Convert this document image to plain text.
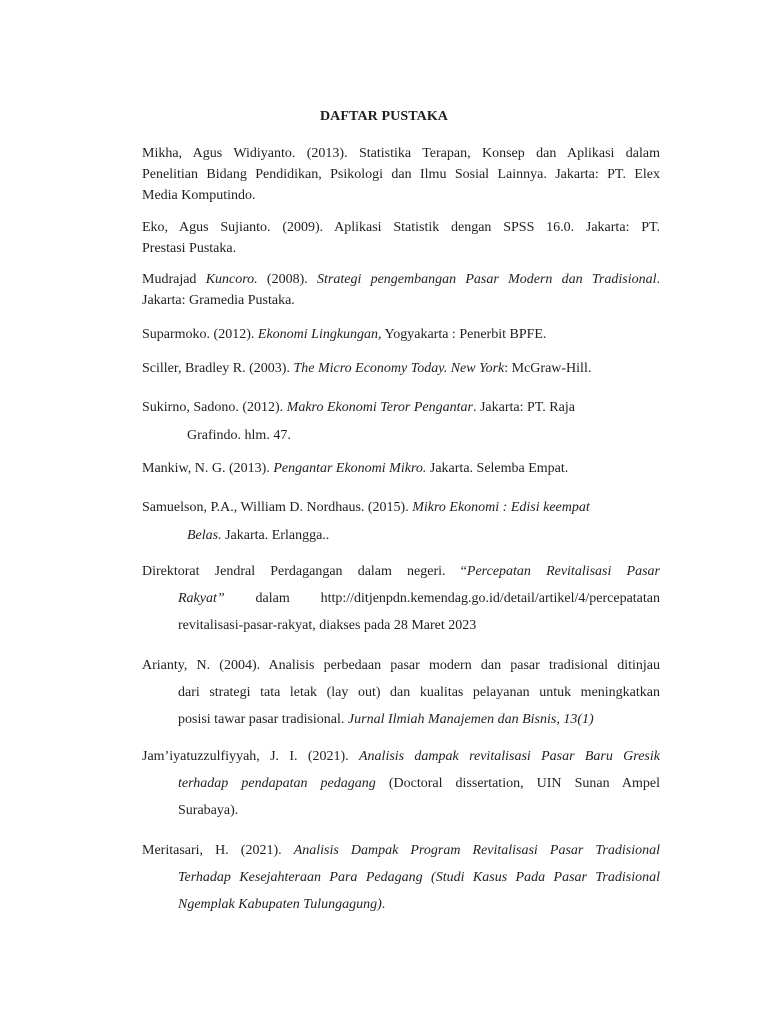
DAFTAR PUSTAKA
Mikha, Agus Widiyanto. (2013). Statistika Terapan, Konsep dan Aplikasi dalam
Penelitian Bidang Pendidikan, Psikologi dan Ilmu Sosial Lainnya. Jakarta: PT. Elex
Media Komputindo.
Eko, Agus Sujianto. (2009). Aplikasi Statistik dengan SPSS 16.0. Jakarta: PT.
Prestasi Pustaka.
Mudrajad Kuncoro. (2008). Strategi pengembangan Pasar Modern dan Tradisional.
Jakarta: Gramedia Pustaka.
Suparmoko. (2012). Ekonomi Lingkungan, Yogyakarta : Penerbit BPFE.
Sciller, Bradley R. (2003). The Micro Economy Today. New York: McGraw-Hill.
Sukirno, Sadono. (2012). Makro Ekonomi Teror Pengantar. Jakarta: PT. Raja
Grafindo. hlm. 47.
Mankiw, N. G. (2013). Pengantar Ekonomi Mikro. Jakarta. Selemba Empat.
Samuelson, P.A., William D. Nordhaus. (2015). Mikro Ekonomi : Edisi keempat
Belas. Jakarta. Erlangga..
Direktorat Jendral Perdagangan dalam negeri. “Percepatan Revitalisasi Pasar
Rakyat” dalam http://ditjenpdn.kemendag.go.id/detail/artikel/4/percepatatan
revitalisasi-pasar-rakyat, diakses pada 28 Maret 2023
Arianty, N. (2004). Analisis perbedaan pasar modern dan pasar tradisional ditinjau
dari strategi tata letak (lay out) dan kualitas pelayanan untuk meningkatkan
posisi tawar pasar tradisional. Jurnal Ilmiah Manajemen dan Bisnis, 13(1)
Jam’iyatuzzulfiyyah, J. I. (2021). Analisis dampak revitalisasi Pasar Baru Gresik
terhadap pendapatan pedagang (Doctoral dissertation, UIN Sunan Ampel
Surabaya).
Meritasari, H. (2021). Analisis Dampak Program Revitalisasi Pasar Tradisional
Terhadap Kesejahteraan Para Pedagang (Studi Kasus Pada Pasar Tradisional
Ngemplak Kabupaten Tulungagung).
